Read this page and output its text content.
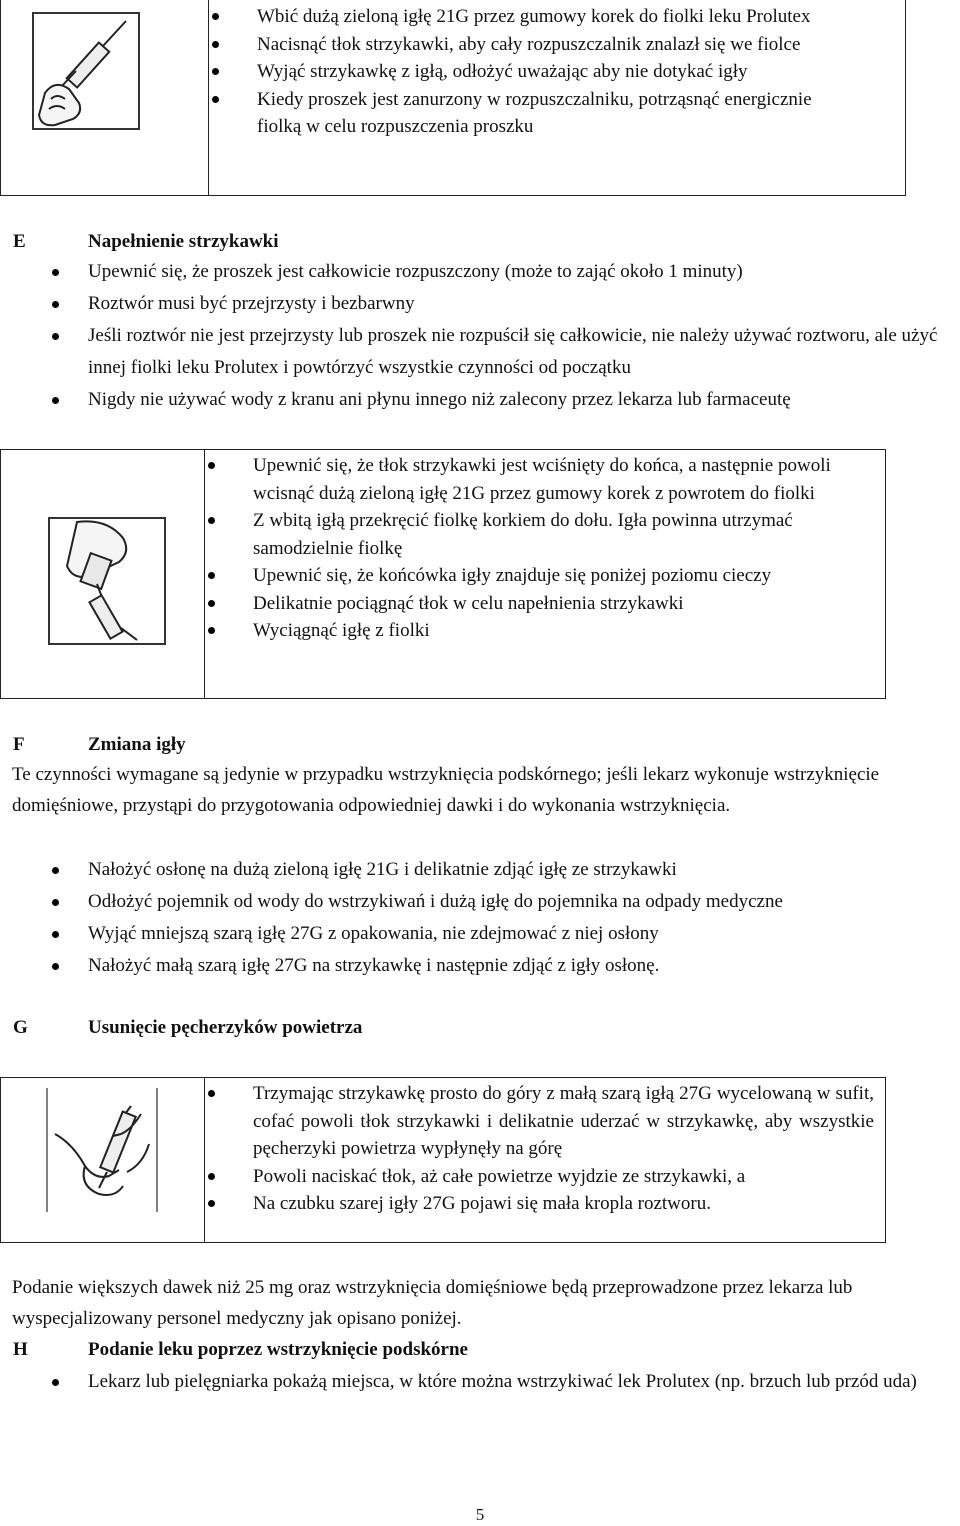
Wbić dużą zieloną igłę 21G przez gumowy korek do fiolki leku Prolutex
Nacisnąć tłok strzykawki, aby cały rozpuszczalnik znalazł się we fiolce
Wyjąć strzykawkę z igłą, odłożyć uważając aby nie dotykać igły
Kiedy proszek jest zanurzony w rozpuszczalniku, potrząsnąć energicznie fiolką w celu rozpuszczenia proszku
E	Napełnienie strzykawki
Upewnić się, że proszek jest całkowicie rozpuszczony (może to zająć około 1 minuty)
Roztwór musi być przejrzysty i bezbarwny
Jeśli roztwór nie jest przejrzysty lub proszek nie rozpuścił się całkowicie, nie należy używać roztworu, ale użyć innej fiolki leku Prolutex i powtórzyć wszystkie czynności od początku
Nigdy nie używać wody z kranu ani płynu innego niż zalecony przez lekarza lub farmaceutę
Upewnić się, że tłok strzykawki jest wciśnięty do końca, a następnie powoli wcisnąć dużą zieloną igłę 21G przez gumowy korek z powrotem do fiolki
Z wbitą igłą przekręcić fiolkę korkiem do dołu. Igła powinna utrzymać samodzielnie fiolkę
Upewnić się, że końcówka igły znajduje się poniżej poziomu cieczy
Delikatnie pociągnąć tłok w celu napełnienia strzykawki
Wyciągnąć igłę z fiolki
F	Zmiana igły
Te czynności wymagane są jedynie w przypadku wstrzyknięcia podskórnego; jeśli lekarz wykonuje wstrzyknięcie domięśniowe, przystąpi do przygotowania odpowiedniej dawki i do wykonania wstrzyknięcia.
Nałożyć osłonę na dużą zieloną igłę 21G i delikatnie zdjąć igłę ze strzykawki
Odłożyć pojemnik od wody do wstrzykiwań i dużą igłę do pojemnika na odpady medyczne
Wyjąć mniejszą szarą igłę 27G z opakowania, nie zdejmować z niej osłony
Nałożyć małą szarą igłę 27G na strzykawkę i następnie zdjąć z igły osłonę.
G	Usunięcie pęcherzyków powietrza
Trzymając strzykawkę prosto do góry z małą szarą igłą 27G wycelowaną w sufit, cofać powoli tłok strzykawki i delikatnie uderzać w strzykawkę, aby wszystkie pęcherzyki powietrza wypłynęły na górę
Powoli naciskać tłok, aż całe powietrze wyjdzie ze strzykawki, a
Na czubku szarej igły 27G pojawi się mała kropla roztworu.
Podanie większych dawek niż 25 mg oraz wstrzyknięcia domięśniowe będą przeprowadzone przez lekarza lub wyspecjalizowany personel medyczny jak opisano poniżej.
H	Podanie leku poprzez wstrzyknięcie podskórne
Lekarz lub pielęgniarka pokażą miejsca, w które można wstrzykiwać lek Prolutex (np. brzuch lub przód uda)
5
